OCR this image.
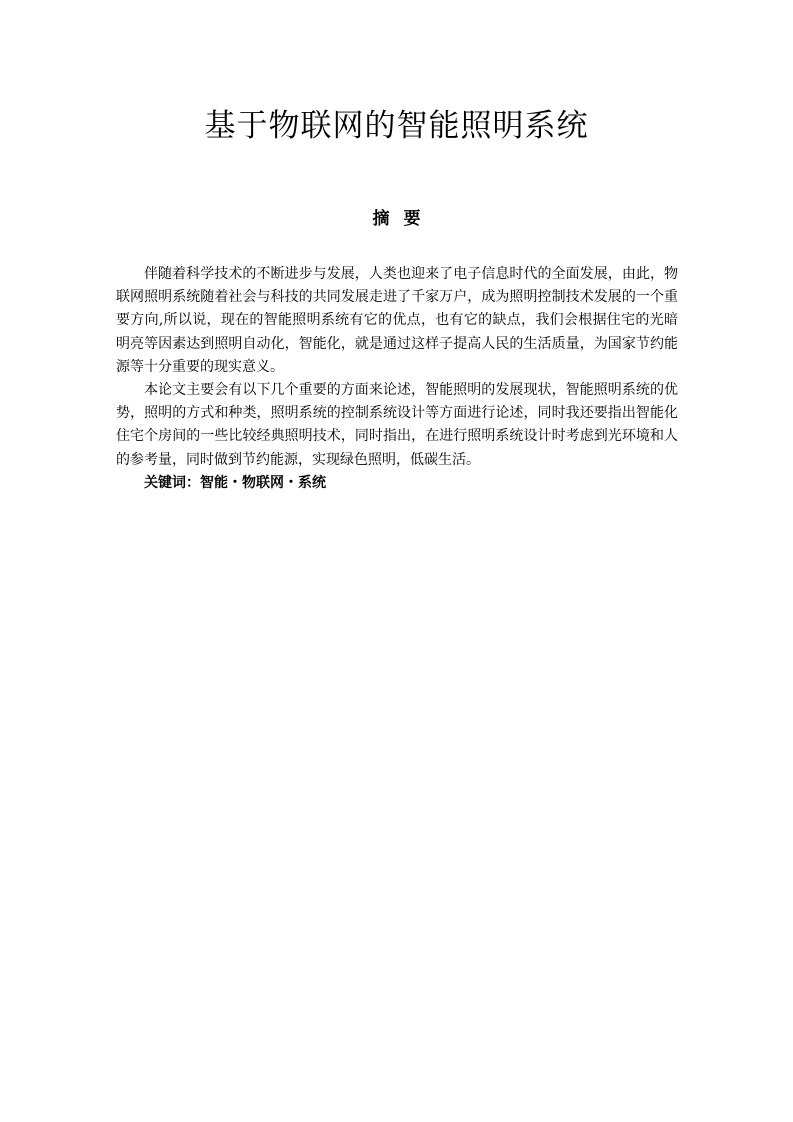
基于物联网的智能照明系统
摘要

伴随着科学技术的不断进步与发展，人类也迎来了电子信息时代的全面发展，由此，物联网照明系统随着社会与科技的共同发展走进了千家万户，成为照明控制技术发展的一个重要方向,所以说，现在的智能照明系统有它的优点，也有它的缺点，我们会根据住宅的光暗明亮等因素达到照明自动化，智能化，就是通过这样子提高人民的生活质量，为国家节约能源等十分重要的现实意义。

本论文主要会有以下几个重要的方面来论述，智能照明的发展现状，智能照明系统的优势，照明的方式和种类，照明系统的控制系统设计等方面进行论述，同时我还要指出智能化住宅个房间的一些比较经典照明技术，同时指出，在进行照明系统设计时考虑到光环境和人的参考量，同时做到节约能源，实现绿色照明，低碳生活。

关键词：智能・物联网・系统
